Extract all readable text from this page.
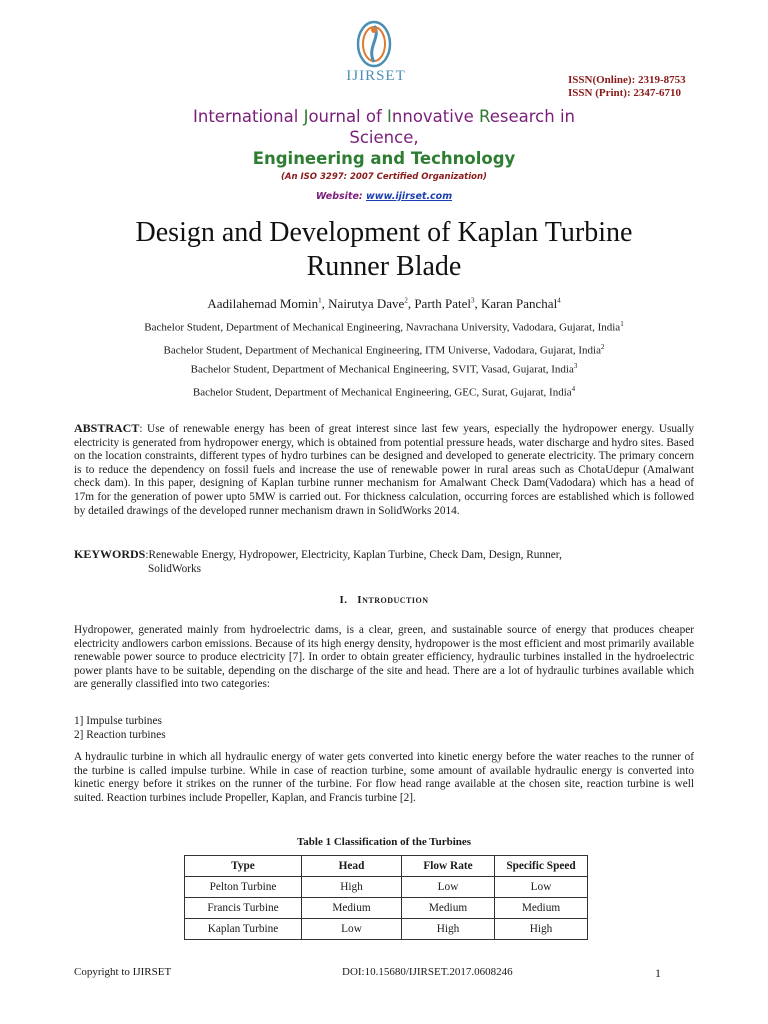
IJIRSET	ISSN(Online): 2319-8753
ISSN (Print): 2347-6710
International Journal of Innovative Research in
Science,
Engineering and Technology
(An ISO 3297: 2007 Certified Organization)
Website: www.ijirset.com
Design and Development of Kaplan Turbine
Runner Blade
Aadilahemad Momin$^1$, Nairutya Dave$^2$, Parth Patel$^3$, Karan Panchal$^4$
Bachelor Student, Department of Mechanical Engineering, Navrachana University, Vadodara, Gujarat, India$^1$
Bachelor Student, Department of Mechanical Engineering, ITM Universe, Vadodara, Gujarat, India$^2$
Bachelor Student, Department of Mechanical Engineering, SVIT, Vasad, Gujarat, India$^3$
Bachelor Student, Department of Mechanical Engineering, GEC, Surat, Gujarat, India$^4$
ABSTRACT: Use of renewable energy has been of great interest since last few years, especially the hydropower energy. Usually electricity is generated from hydropower energy, which is obtained from potential pressure heads, water discharge and hydro sites. Based on the location constraints, different types of hydro turbines can be designed and developed to generate electricity. The primary concern is to reduce the dependency on fossil fuels and increase the use of renewable power in rural areas such as ChotaUdepur (Amalwant check dam). In this paper, designing of Kaplan turbine runner mechanism for Amalwant Check Dam(Vadodara) which has a head of 17m for the generation of power upto 5MW is carried out. For thickness calculation, occurring forces are established which is followed by detailed drawings of the developed runner mechanism drawn in SolidWorks 2014.
KEYWORDS:Renewable Energy, Hydropower, Electricity, Kaplan Turbine, Check Dam, Design, Runner,
SolidWorks
I. Introduction
Hydropower, generated mainly from hydroelectric dams, is a clear, green, and sustainable source of energy that produces cheaper electricity andlowers carbon emissions. Because of its high energy density, hydropower is the most efficient and most primarily available renewable power source to produce electricity [7]. In order to obtain greater efficiency, hydraulic turbines installed in the hydroelectric power plants have to be suitable, depending on the discharge of the site and head. There are a lot of hydraulic turbines available which are generally classified into two categories:
1] Impulse turbines
2] Reaction turbines
A hydraulic turbine in which all hydraulic energy of water gets converted into kinetic energy before the water reaches to the runner of the turbine is called impulse turbine. While in case of reaction turbine, some amount of available hydraulic energy is converted into kinetic energy before it strikes on the runner of the turbine. For flow head range available at the chosen site, reaction turbine is well suited. Reaction turbines include Propeller, Kaplan, and Francis turbine [2].
Table 1 Classification of the Turbines
Type	Head	Flow Rate	Specific Speed
Pelton Turbine	High	Low	Low
Francis Turbine	Medium	Medium	Medium
Kaplan Turbine	Low	High	High
Copyright to IJIRSET	DOI:10.15680/IJIRSET.2017.0608246	1
